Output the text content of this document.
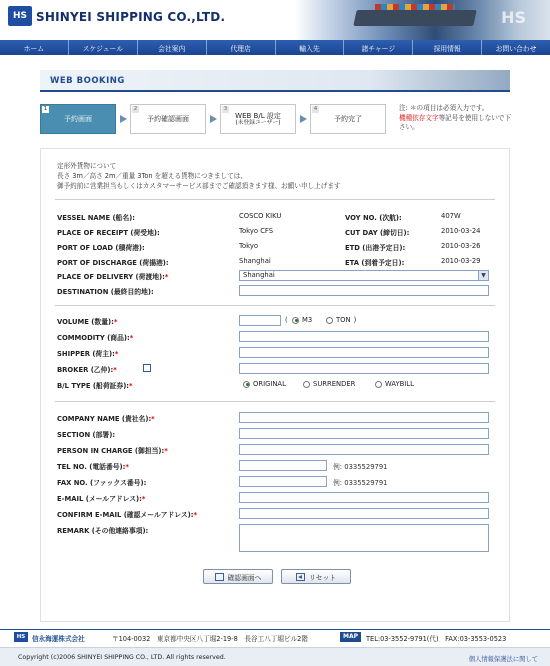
HS SHINYEI SHIPPING CO.,LTD.	HS
ホーム	スケジュール	会社案内	代理店	輸入先	諸チャージ	採用情報	お問い合わせ
WEB BOOKING
1
予約画面
2
予約確認画面
3
WEB B/L 設定
(未登録ユーザー)
4
予約完了
注: ＊の項目は必須入力です。
機種依存文字等記号を使用しないで下さい。
定形外貨物について
長さ 3m／高さ 2m／重量 3Ton を超える貨物につきましては、
御予約前に営業担当もしくはカスタマーサービス部までご確認頂きます様、お願い申し上げます
VESSEL NAME (船名):	COSCO KIKU	VOY NO. (次航):	407W
PLACE OF RECEIPT (荷受地):	Tokyo CFS	CUT DAY (締切日):	2010-03-24
PORT OF LOAD (積荷港):	Tokyo	ETD (出港予定日):	2010-03-26
PORT OF DISCHARGE (荷揚港):	Shanghai	ETA (到着予定日):	2010-03-29
PLACE OF DELIVERY (荷渡地):*	Shanghai	▼
DESTINATION (最終目的地):
VOLUME (数量):*	( M3	TON )
COMMODITY (商品):*
SHIPPER (荷主):*
BROKER (乙仲):*
B/L TYPE (船荷証券):*	ORIGINAL	SURRENDER	WAYBILL
COMPANY NAME (貴社名):*
SECTION (部署):
PERSON IN CHARGE (御担当):*
TEL NO. (電話番号):*	例: 0335529791
FAX NO. (ファックス番号):	例: 0335529791
E-MAIL (メールアドレス):*
CONFIRM E-MAIL (確認メールアドレス):*
REMARK (その他連絡事項):
確認画面へ	リセット
HS	信永海運株式会社	〒104-0032　東京都中央区八丁堀2-19-8　長谷工八丁堀ビル2階	MAP	TEL:03-3552-9791(代)　FAX:03-3553-0523
Copyright (c)2006 SHINYEI SHIPPING CO., LTD. All rights reserved.	個人情報保護法に関して
